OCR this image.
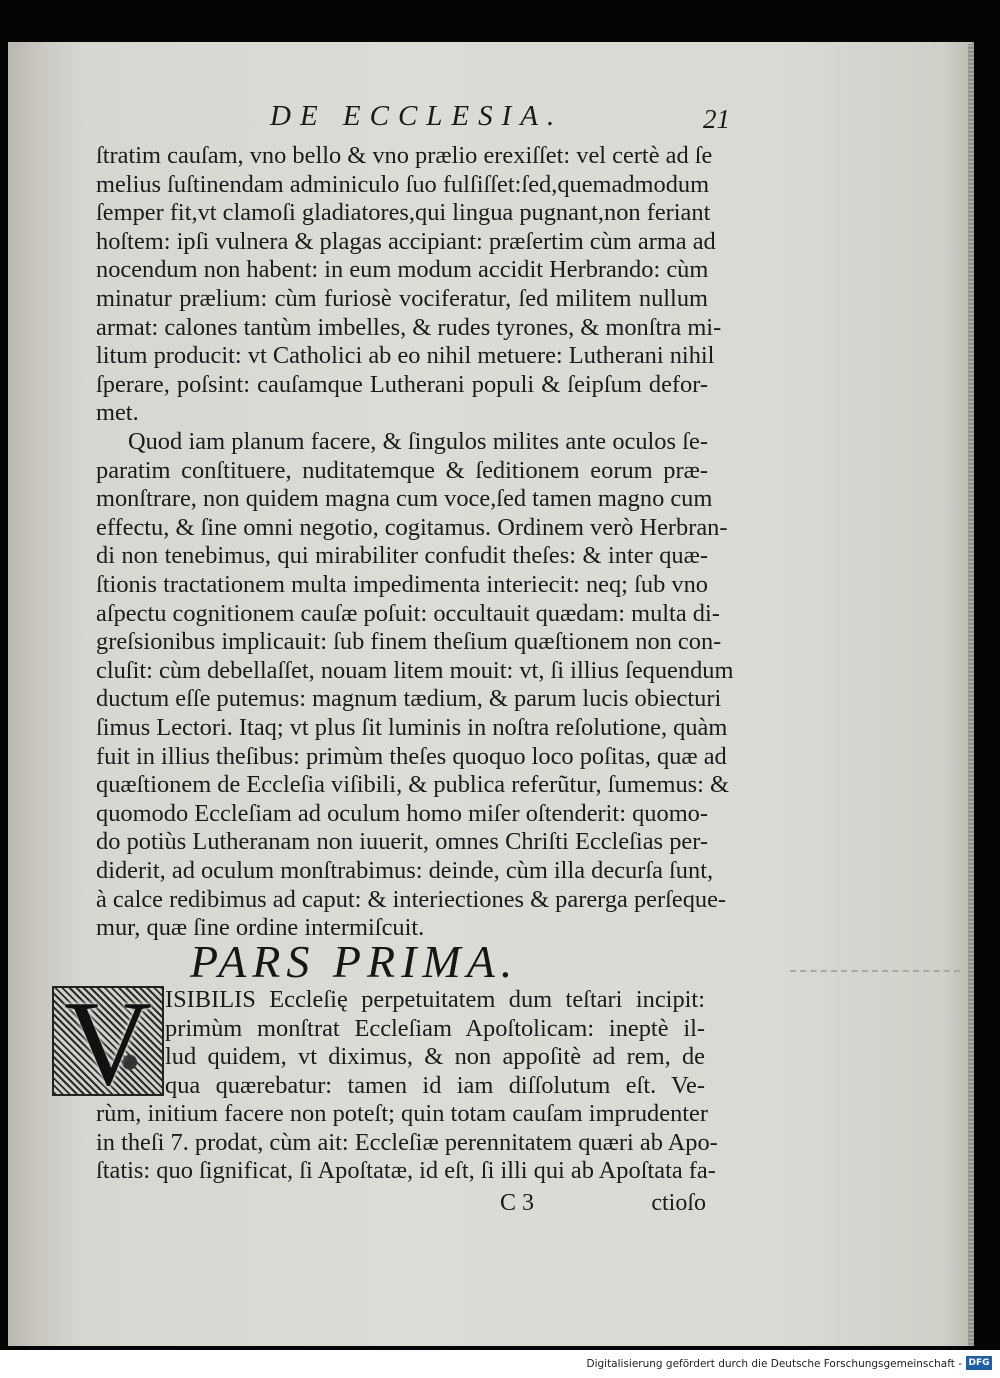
DE ECCLESIA.	21
ſtratim cauſam, vno bello & vno prælio erexiſſet: vel certè ad ſe
melius ſuſtinendam adminiculo ſuo fulſiſſet:ſed,quemadmodum
ſemper fit,vt clamoſi gladiatores,qui lingua pugnant,non feriant
hoſtem: ipſi vulnera & plagas accipiant: præſertim cùm arma ad
nocendum non habent: in eum modum accidit Herbrando: cùm
minatur prælium: cùm furiosè vociferatur, ſed militem nullum
armat: calones tantùm imbelles, & rudes tyrones, & monſtra mi-
litum producit: vt Catholici ab eo nihil metuere: Lutherani nihil
ſperare, poſsint: cauſamque Lutherani populi & ſeipſum defor-
met.
Quod iam planum facere, & ſingulos milites ante oculos ſe-
paratim conſtituere, nuditatemque & ſeditionem eorum præ-
monſtrare, non quidem magna cum voce,ſed tamen magno cum
effectu, & ſine omni negotio, cogitamus. Ordinem verò Herbran-
di non tenebimus, qui mirabiliter confudit theſes: & inter quæ-
ſtionis tractationem multa impedimenta interiecit: neq; ſub vno
aſpectu cognitionem cauſæ poſuit: occultauit quædam: multa di-
greſsionibus implicauit: ſub finem theſium quæſtionem non con-
cluſit: cùm debellaſſet, nouam litem mouit: vt, ſi illius ſequendum
ductum eſſe putemus: magnum tædium, & parum lucis obiecturi
ſimus Lectori. Itaq; vt plus ſit luminis in noſtra reſolutione, quàm
fuit in illius theſibus: primùm theſes quoquo loco poſitas, quæ ad
quæſtionem de Eccleſia viſibili, & publica referũtur, ſumemus: &
quomodo Eccleſiam ad oculum homo miſer oſtenderit: quomo-
do potiùs Lutheranam non iuuerit, omnes Chriſti Eccleſias per-
diderit, ad oculum monſtrabimus: deinde, cùm illa decurſa ſunt,
à calce redibimus ad caput: & interiectiones & parerga perſeque-
mur, quæ ſine ordine intermiſcuit.
PARS PRIMA.
V ISIBILIS Eccleſię perpetuitatem dum teſtari incipit:
primùm monſtrat Eccleſiam Apoſtolicam: ineptè il-
lud quidem, vt diximus, & non appoſitè ad rem, de
qua quærebatur: tamen id iam diſſolutum eſt. Ve-
rùm, initium facere non poteſt; quin totam cauſam imprudenter
in theſi 7. prodat, cùm ait: Eccleſiæ perennitatem quæri ab Apo-
ſtatis: quo ſignificat, ſi Apoſtatæ, id eſt, ſi illi qui ab Apoſtata fa-
C 3	ctioſo
Digitalisierung gefördert durch die Deutsche Forschungsgemeinschaft - DFG
